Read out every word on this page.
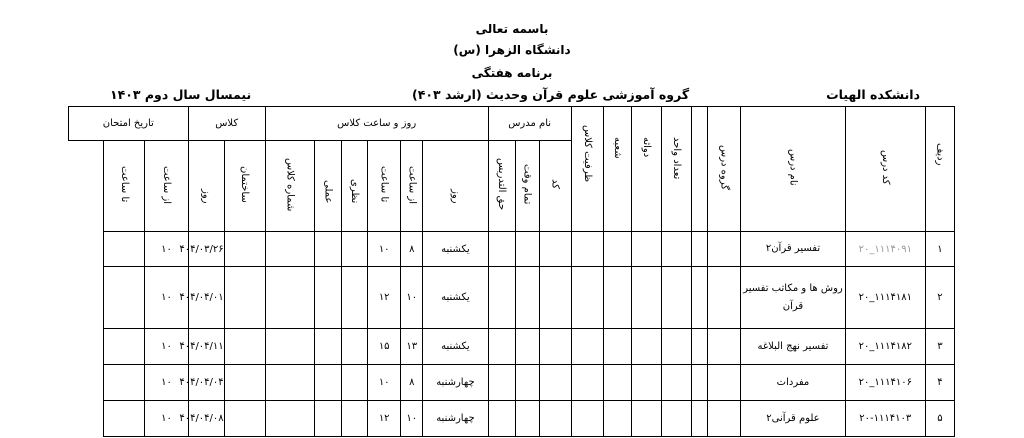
باسمه تعالی
دانشگاه الزهرا (س)
برنامه هفتگی
دانشکده الهیات
گروه آموزشی علوم قرآن وحدیث (ارشد ۴۰۳)
نیمسال سال دوم ۱۴۰۳
ردیف	کد درس	نام درس	گروه درس		تعداد واحد	دواثه	شعبه	ظرفیت کلاس	نام مدرس			روز و ساعت کلاس						کلاس		تاریخ امتحان	
									کد	تمام وقت	حق التدریس	روز	از ساعت	تا ساعت	نظری	عملی	شماره کلاس	ساختمان	روز	از ساعت	تا ساعت
۱	۲۰_۱۱۱۴۰۹۱	تفسیر قرآن۲										یکشنبه	۸	۱۰					۴۰۴/۰۳/۲۶	۱۰	
۲	۲۰_۱۱۱۴۱۸۱	روش ها و مکاتب تفسیر قرآن										یکشنبه	۱۰	۱۲					۴۰۴/۰۴/۰۱	۱۰	
۳	۲۰_۱۱۱۴۱۸۲	تفسیر نهج البلاغه										یکشنبه	۱۳	۱۵					۴۰۴/۰۴/۱۱	۱۰	
۴	۲۰_۱۱۱۴۱۰۶	مفردات										چهارشنبه	۸	۱۰					۴۰۴/۰۴/۰۴	۱۰	
۵	۲۰-۱۱۱۴۱۰۳	علوم قرآنی۲										چهارشنبه	۱۰	۱۲					۴۰۴/۰۴/۰۸	۱۰	
